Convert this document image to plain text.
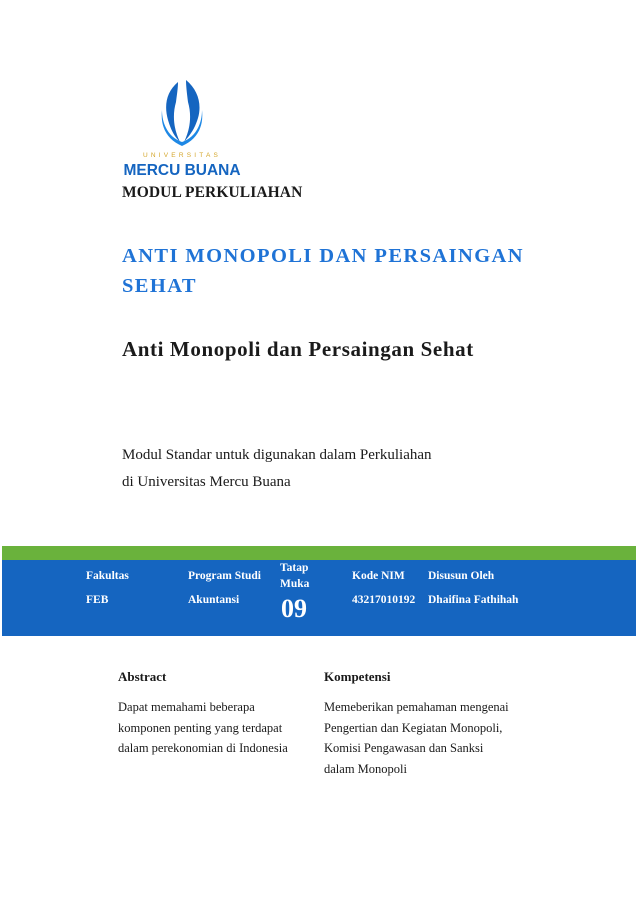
UNIVERSITAS
MERCU BUANA
MODUL PERKULIAHAN
ANTI MONOPOLI DAN PERSAINGAN
SEHAT
Anti Monopoli dan Persaingan Sehat
Modul Standar untuk digunakan dalam Perkuliahan
di Universitas Mercu Buana
Fakultas
FEB
Program Studi
Akuntansi
Tatap
Muka
09
Kode NIM
43217010192
Disusun Oleh
Dhaifina Fathihah
Abstract
Dapat memahami beberapa
komponen penting yang terdapat
dalam perekonomian di Indonesia
Kompetensi
Memeberikan pemahaman mengenai
Pengertian dan Kegiatan Monopoli,
Komisi Pengawasan dan Sanksi
dalam Monopoli
